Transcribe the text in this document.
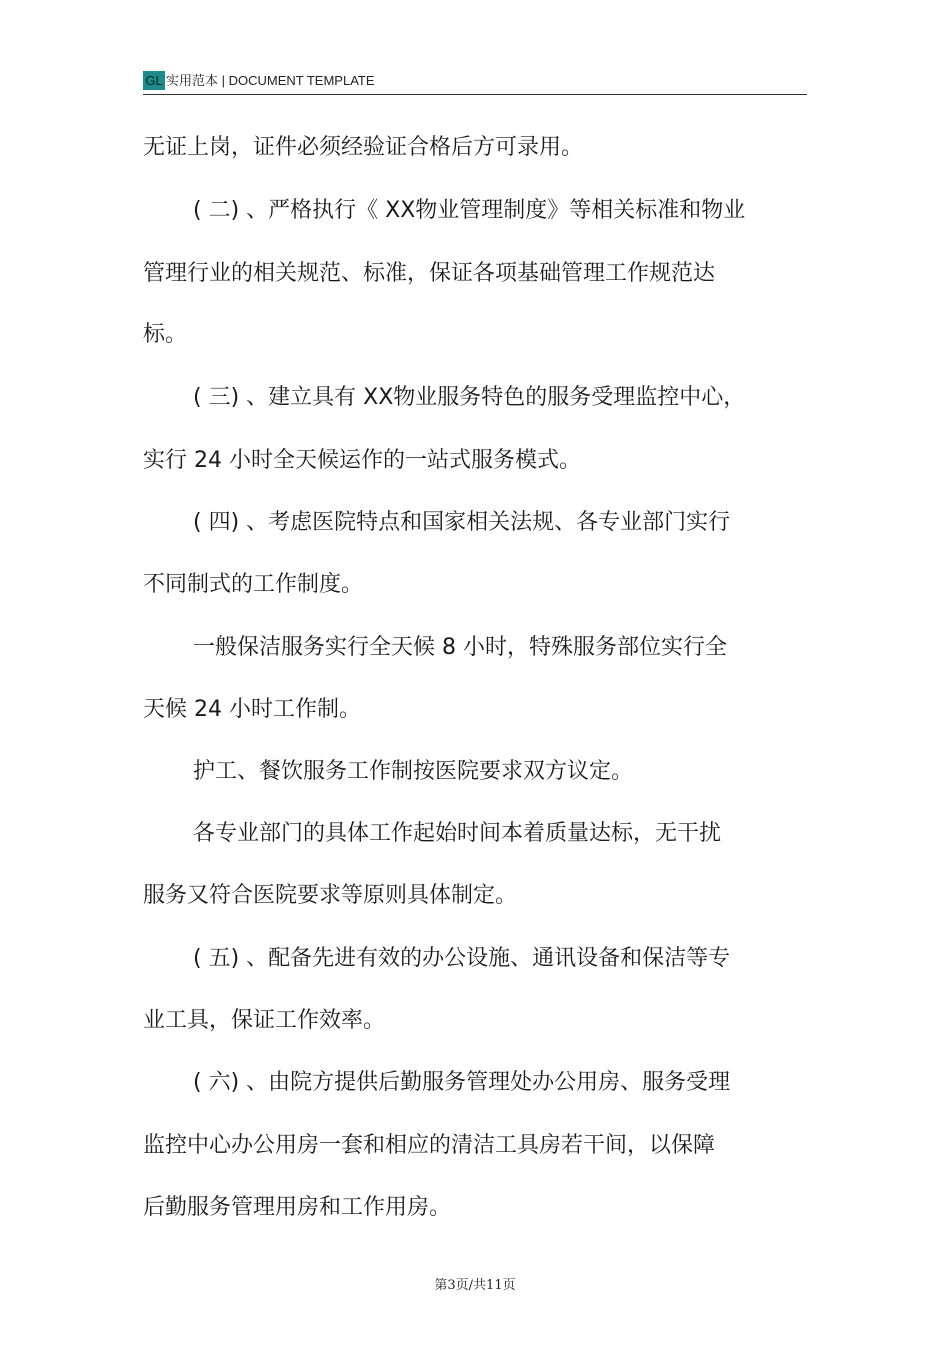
GL 实用范本 | DOCUMENT TEMPLATE
无证上岗，证件必须经验证合格后方可录用。
( 二) 、严格执行《 XX物业管理制度》等相关标准和物业
管理行业的相关规范、标准，保证各项基础管理工作规范达
标。
( 三) 、建立具有 XX物业服务特色的服务受理监控中心，
实行 24 小时全天候运作的一站式服务模式。
( 四) 、考虑医院特点和国家相关法规、各专业部门实行
不同制式的工作制度。
一般保洁服务实行全天候 8 小时，特殊服务部位实行全
天候 24 小时工作制。
护工、餐饮服务工作制按医院要求双方议定。
各专业部门的具体工作起始时间本着质量达标，无干扰
服务又符合医院要求等原则具体制定。
( 五) 、配备先进有效的办公设施、通讯设备和保洁等专
业工具，保证工作效率。
( 六) 、由院方提供后勤服务管理处办公用房、服务受理
监控中心办公用房一套和相应的清洁工具房若干间，以保障
后勤服务管理用房和工作用房。
第3页/共11页
